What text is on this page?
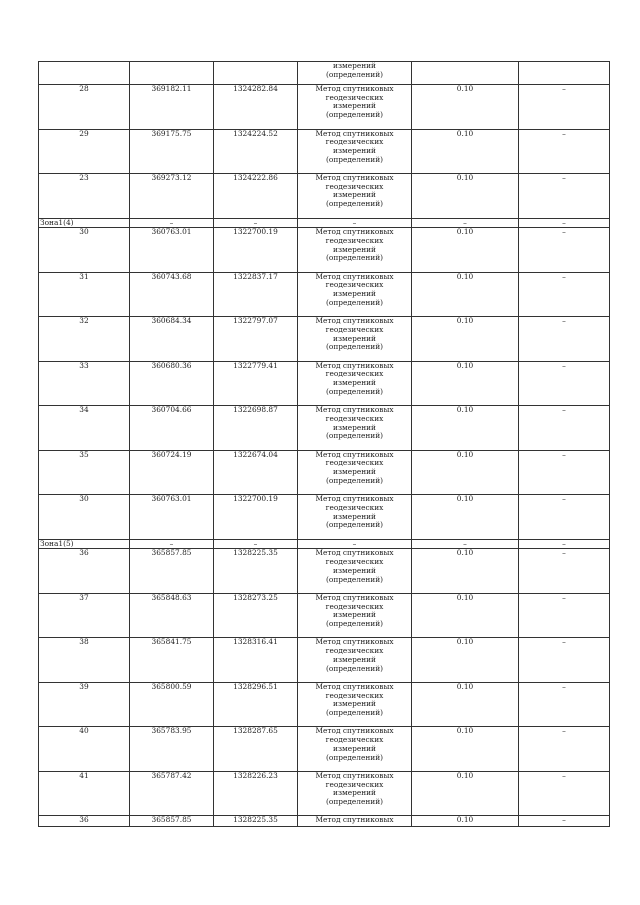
			измерений
(определений)		

28	369182.11	1324282.84	Метод спутниковых
геодезических
измерений
(определений)	0.10	–
29	369175.75	1324224.52	Метод спутниковых
геодезических
измерений
(определений)	0.10	–
23	369273.12	1324222.86	Метод спутниковых
геодезических
измерений
(определений)	0.10	–
Зона1(4)	–	–	–	–	–
30	360763.01	1322700.19	Метод спутниковых
геодезических
измерений
(определений)	0.10	–
31	360743.68	1322837.17	Метод спутниковых
геодезических
измерений
(определений)	0.10	–
32	360684.34	1322797.07	Метод спутниковых
геодезических
измерений
(определений)	0.10	–
33	360680.36	1322779.41	Метод спутниковых
геодезических
измерений
(определений)	0.10	–
34	360704.66	1322698.87	Метод спутниковых
геодезических
измерений
(определений)	0.10	–
35	360724.19	1322674.04	Метод спутниковых
геодезических
измерений
(определений)	0.10	–
30	360763.01	1322700.19	Метод спутниковых
геодезических
измерений
(определений)	0.10	–
Зона1(5)	–	–	–	–	–
36	365857.85	1328225.35	Метод спутниковых
геодезических
измерений
(определений)	0.10	–
37	365848.63	1328273.25	Метод спутниковых
геодезических
измерений
(определений)	0.10	–
38	365841.75	1328316.41	Метод спутниковых
геодезических
измерений
(определений)	0.10	–
39	365800.59	1328296.51	Метод спутниковых
геодезических
измерений
(определений)	0.10	–
40	365783.95	1328287.65	Метод спутниковых
геодезических
измерений
(определений)	0.10	–
41	365787.42	1328226.23	Метод спутниковых
геодезических
измерений
(определений)	0.10	–
36	365857.85	1328225.35	Метод спутниковых	0.10	–
